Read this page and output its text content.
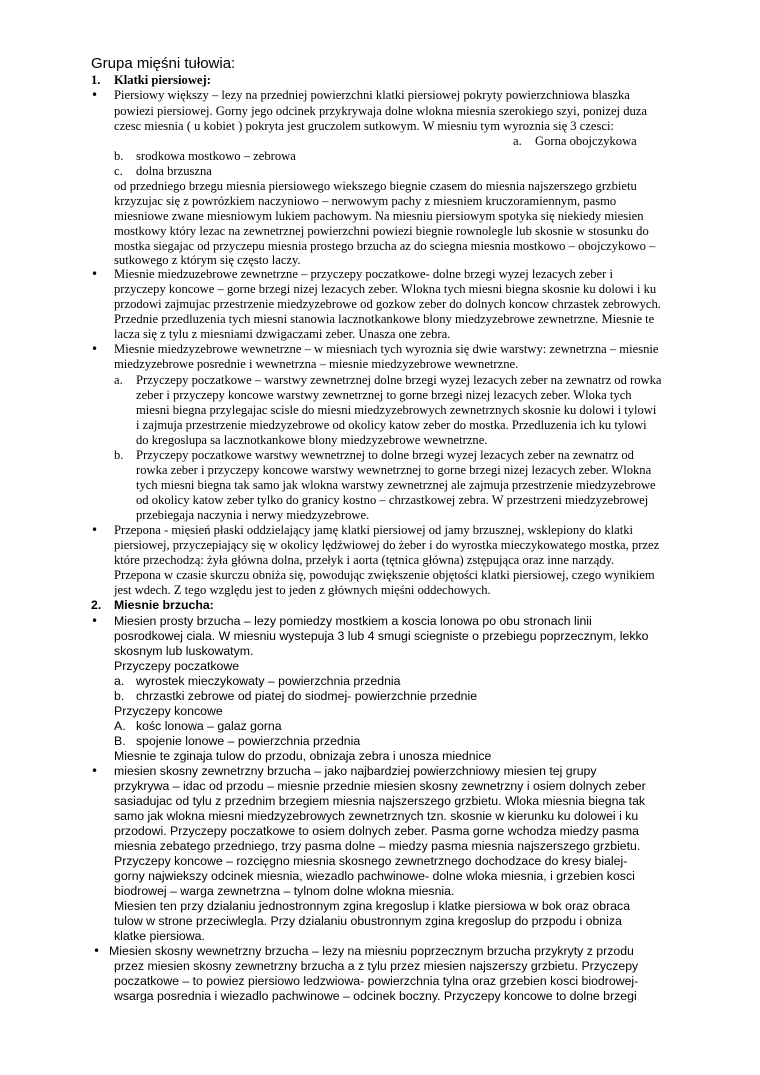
Grupa mięśni tułowia:
1. Klatki piersiowej:
• Piersiowy większy – lezy na przedniej powierzchni klatki piersiowej pokryty powierzchniowa blaszka
powiezi piersiowej. Gorny jego odcinek przykrywaja dolne wlokna miesnia szerokiego szyi, ponizej duza
czesc miesnia ( u kobiet ) pokryta jest gruczolem sutkowym. W miesniu tym wyroznia się 3 czesci:
a. Gorna obojczykowa
b. srodkowa mostkowo – zebrowa
c. dolna brzuszna
od przedniego brzegu miesnia piersiowego wiekszego biegnie czasem do miesnia najszerszego grzbietu
krzyzujac się z powrózkiem naczyniowo – nerwowym pachy z miesniem kruczoramiennym, pasmo
miesniowe zwane miesniowym lukiem pachowym. Na miesniu piersiowym spotyka się niekiedy miesien
mostkowy który lezac na zewnetrznej powierzchni powiezi biegnie rownolegle lub skosnie w stosunku do
mostka siegajac od przyczepu miesnia prostego brzucha az do sciegna miesnia mostkowo – obojczykowo –
sutkowego z którym się często laczy.
• Miesnie miedzuzebrowe zewnetrzne – przyczepy poczatkowe- dolne brzegi wyzej lezacych zeber i
przyczepy koncowe – gorne brzegi nizej lezacych zeber. Wlokna tych miesni biegna skosnie ku dolowi i ku
przodowi zajmujac przestrzenie miedzyzebrowe od gozkow zeber do dolnych koncow chrzastek zebrowych.
Przednie przedluzenia tych miesni stanowia lacznotkankowe blony miedzyzebrowe zewnetrzne. Miesnie te
lacza się z tylu z miesniami dzwigaczami zeber. Unasza one zebra.
• Miesnie miedzyzebrowe wewnetrzne – w miesniach tych wyroznia się dwie warstwy: zewnetrzna – miesnie
miedzyzebrowe posrednie i wewnetrzna – miesnie miedzyzebrowe wewnetrzne.
a. Przyczepy poczatkowe – warstwy zewnetrznej dolne brzegi wyzej lezacych zeber na zewnatrz od rowka
zeber i przyczepy koncowe warstwy zewnetrznej to gorne brzegi nizej lezacych zeber. Wloka tych
miesni biegna przylegajac scisle do miesni miedzyzebrowych zewnetrznych skosnie ku dolowi i tylowi
i zajmuja przestrzenie miedzyzebrowe od okolicy katow zeber do mostka. Przedluzenia ich ku tylowi
do kregoslupa sa lacznotkankowe blony miedzyzebrowe wewnetrzne.
b. Przyczepy poczatkowe warstwy wewnetrznej to dolne brzegi wyzej lezacych zeber na zewnatrz od
rowka zeber i przyczepy koncowe warstwy wewnetrznej to gorne brzegi nizej lezacych zeber. Wlokna
tych miesni biegna tak samo jak wlokna warstwy zewnetrznej ale zajmuja przestrzenie miedzyzebrowe
od okolicy katow zeber tylko do granicy kostno – chrzastkowej zebra. W przestrzeni miedzyzebrowej
przebiegaja naczynia i nerwy miedzyzebrowe.
• Przepona - mięsień płaski oddzielający jamę klatki piersiowej od jamy brzusznej, wsklepiony do klatki
piersiowej, przyczepiający się w okolicy lędźwiowej do żeber i do wyrostka mieczykowatego mostka, przez
które przechodzą: żyła główna dolna, przełyk i aorta (tętnica główna) zstępująca oraz inne narządy.
Przepona w czasie skurczu obniża się, powodując zwiększenie objętości klatki piersiowej, czego wynikiem
jest wdech. Z tego względu jest to jeden z głównych mięśni oddechowych.
2. Miesnie brzucha:
• Miesien prosty brzucha – lezy pomiedzy mostkiem a koscia lonowa po obu stronach linii
posrodkowej ciala. W miesniu wystepuja 3 lub 4 smugi sciegniste o przebiegu poprzecznym, lekko
skosnym lub luskowatym.
Przyczepy poczatkowe
a. wyrostek mieczykowaty – powierzchnia przednia
b. chrzastki zebrowe od piatej do siodmej- powierzchnie przednie
Przyczepy koncowe
A. kośc lonowa – galaz gorna
B. spojenie lonowe – powierzchnia przednia
Miesnie te zginaja tulow do przodu, obnizaja zebra i unosza miednice
• miesien skosny zewnetrzny brzucha – jako najbardziej powierzchniowy miesien tej grupy
przykrywa – idac od przodu – miesnie przednie miesien skosny zewnetrzny i osiem dolnych zeber
sasiadujac od tylu z przednim brzegiem miesnia najszerszego grzbietu. Wloka miesnia biegna tak
samo jak wlokna miesni miedzyzebrowych zewnetrznych tzn. skosnie w kierunku ku dolowei i ku
przodowi. Przyczepy poczatkowe to osiem dolnych zeber. Pasma gorne wchodza miedzy pasma
miesnia zebatego przedniego, trzy pasma dolne – miedzy pasma miesnia najszerszego grzbietu.
Przyczepy koncowe – rozcięgno miesnia skosnego zewnetrznego dochodzace do kresy bialej-
gorny najwiekszy odcinek miesnia, wiezadlo pachwinowe- dolne wloka miesnia, i grzebien kosci
biodrowej – warga zewnetrzna – tylnom dolne wlokna miesnia.
Miesien ten przy dzialaniu jednostronnym zgina kregoslup i klatke piersiowa w bok oraz obraca
tulow w strone przeciwlegla. Przy dzialaniu obustronnym zgina kregoslup do przpodu i obniza
klatke piersiowa.
• Miesien skosny wewnetrzny brzucha – lezy na miesniu poprzecznym brzucha przykryty z przodu
przez miesien skosny zewnetrzny brzucha a z tylu przez miesien najszerszy grzbietu. Przyczepy
poczatkowe – to powiez piersiowo ledzwiowa- powierzchnia tylna oraz grzebien kosci biodrowej-
wsarga posrednia i wiezadlo pachwinowe – odcinek boczny. Przyczepy koncowe to dolne brzegi
